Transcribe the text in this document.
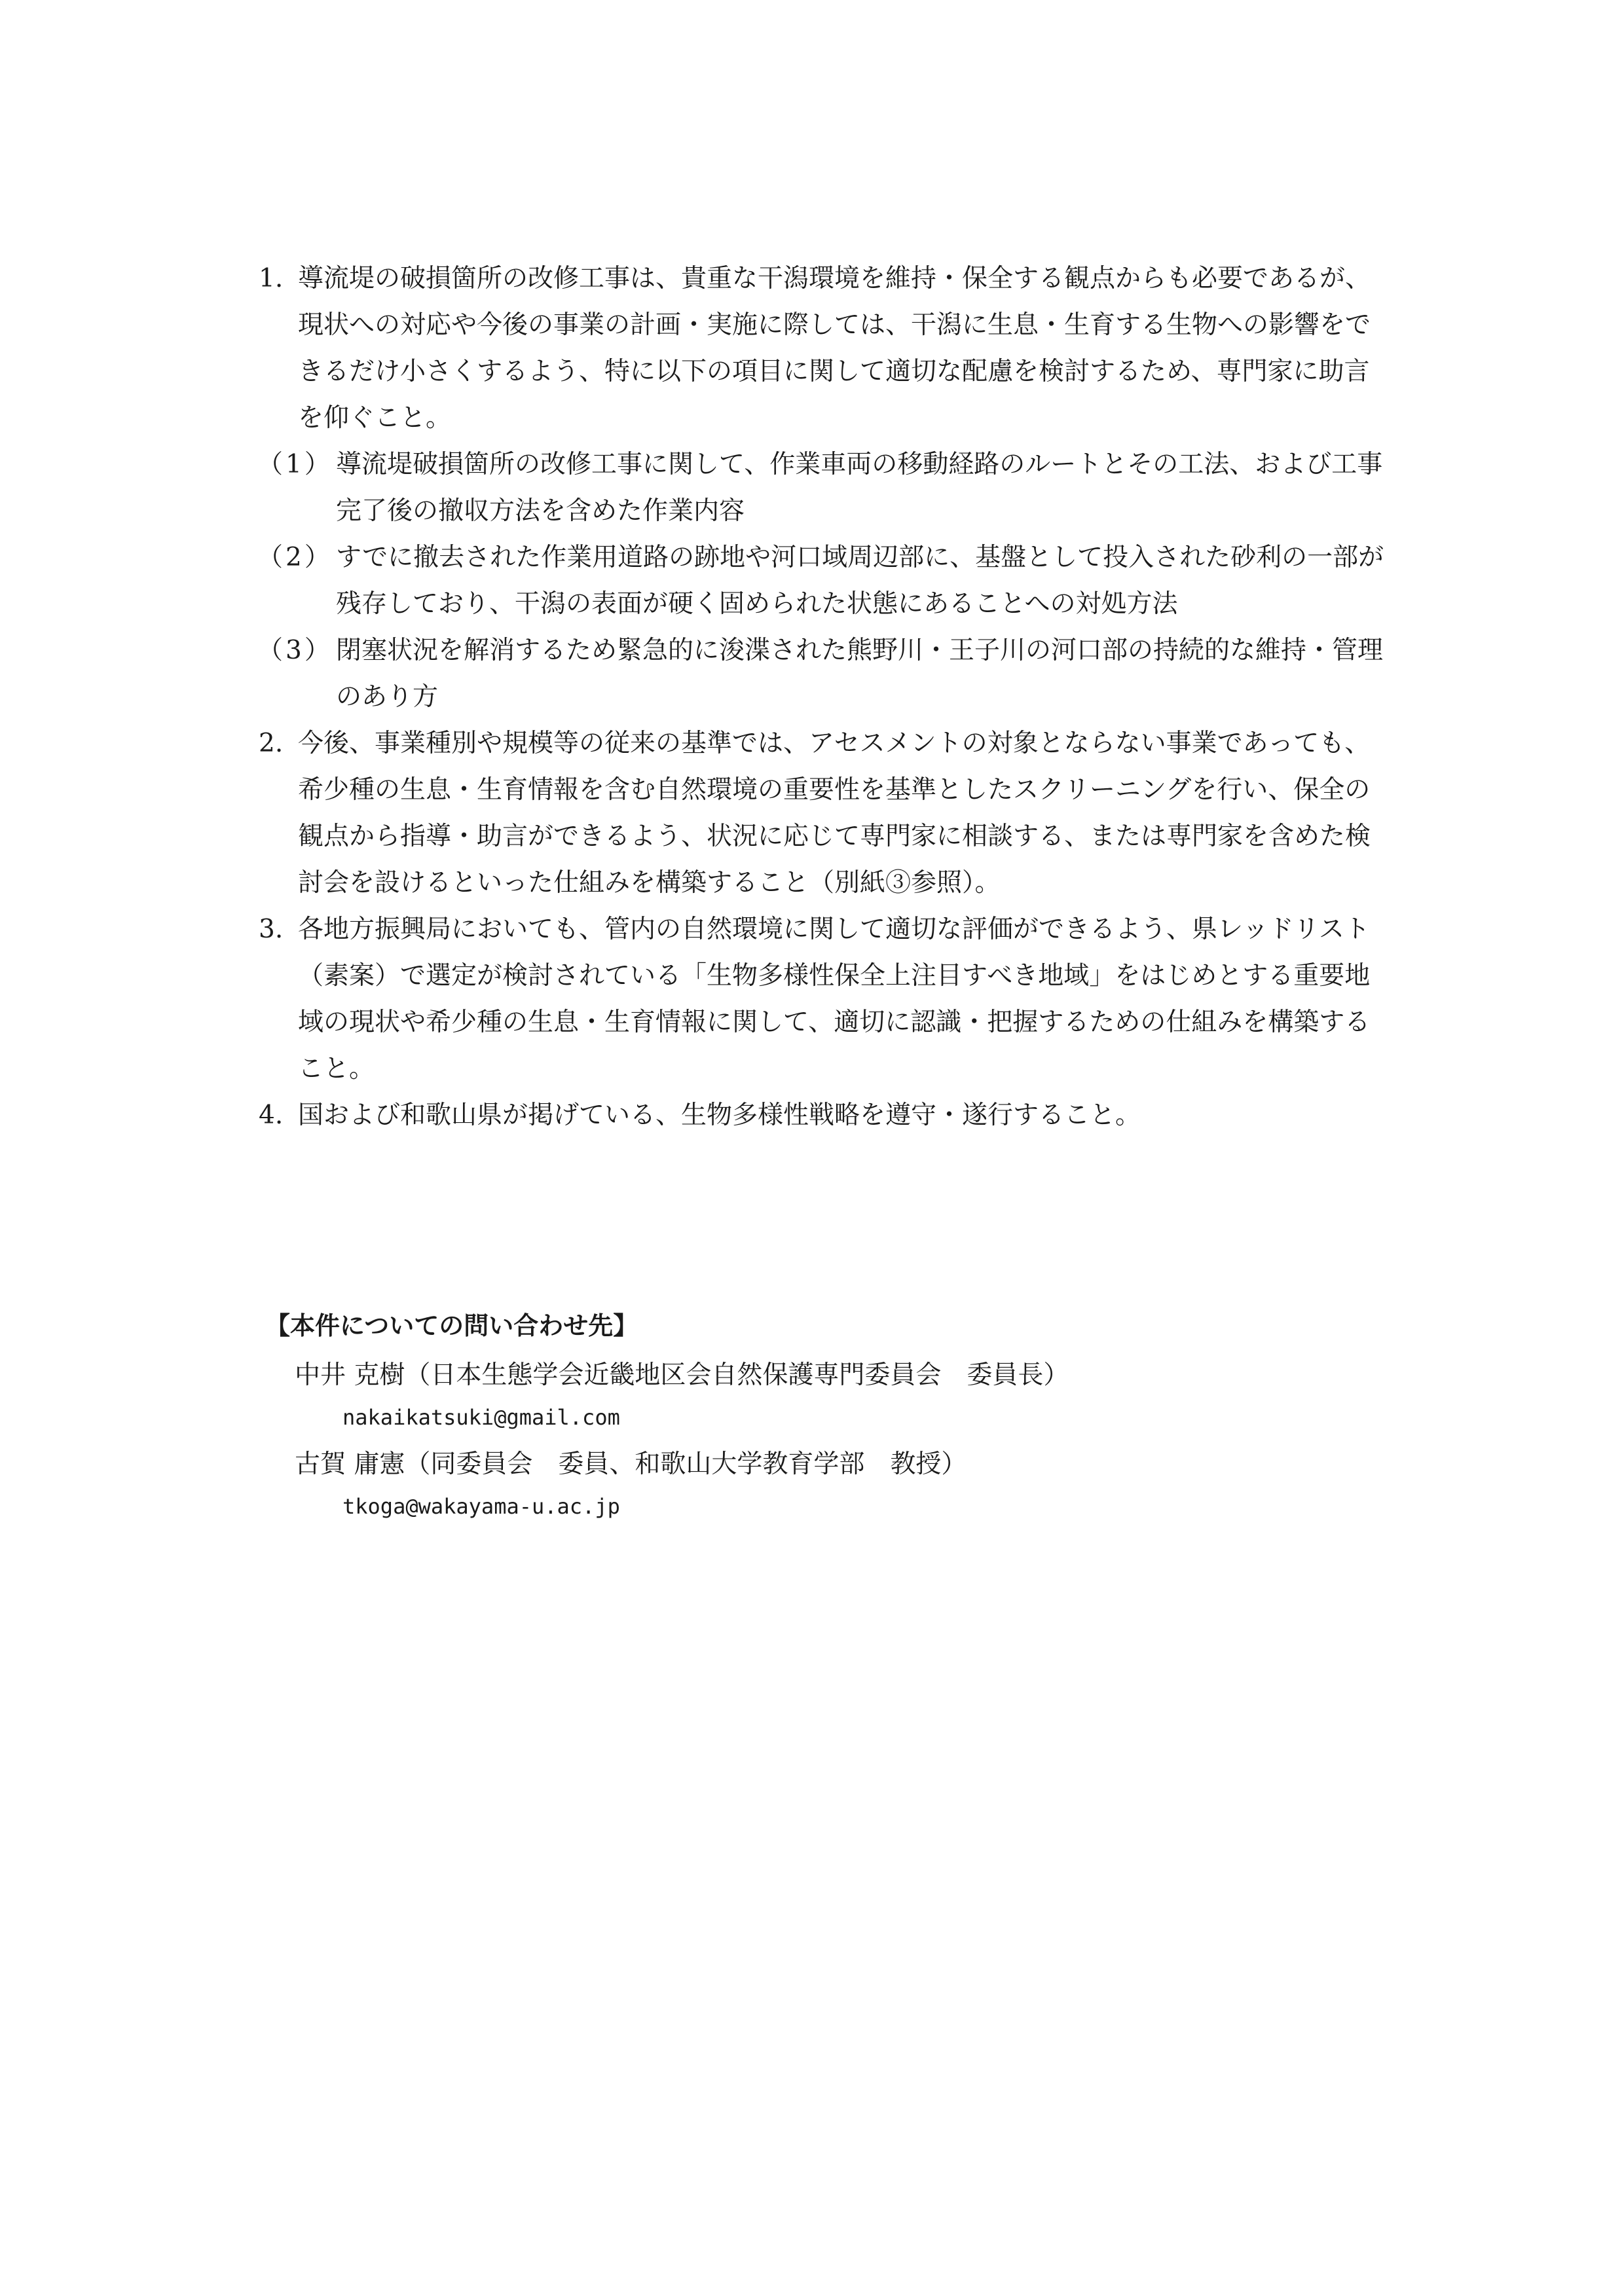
1. 導流堤の破損箇所の改修工事は、貴重な干潟環境を維持・保全する観点からも必要であるが、現状への対応や今後の事業の計画・実施に際しては、干潟に生息・生育する生物への影響をできるだけ小さくするよう、特に以下の項目に関して適切な配慮を検討するため、専門家に助言を仰ぐこと。
（1） 導流堤破損箇所の改修工事に関して、作業車両の移動経路のルートとその工法、および工事完了後の撤収方法を含めた作業内容
（2） すでに撤去された作業用道路の跡地や河口域周辺部に、基盤として投入された砂利の一部が残存しており、干潟の表面が硬く固められた状態にあることへの対処方法
（3） 閉塞状況を解消するため緊急的に浚渫された熊野川・王子川の河口部の持続的な維持・管理のあり方
2. 今後、事業種別や規模等の従来の基準では、アセスメントの対象とならない事業であっても、希少種の生息・生育情報を含む自然環境の重要性を基準としたスクリーニングを行い、保全の観点から指導・助言ができるよう、状況に応じて専門家に相談する、または専門家を含めた検討会を設けるといった仕組みを構築すること（別紙③参照）。
3. 各地方振興局においても、管内の自然環境に関して適切な評価ができるよう、県レッドリスト（素案）で選定が検討されている「生物多様性保全上注目すべき地域」をはじめとする重要地域の現状や希少種の生息・生育情報に関して、適切に認識・把握するための仕組みを構築すること。
4. 国および和歌山県が掲げている、生物多様性戦略を遵守・遂行すること。
【本件についての問い合わせ先】
中井 克樹（日本生態学会近畿地区会自然保護専門委員会　委員長）
nakaikatsuki@gmail.com
古賀 庸憲（同委員会　委員、和歌山大学教育学部　教授）
tkoga@wakayama-u.ac.jp
